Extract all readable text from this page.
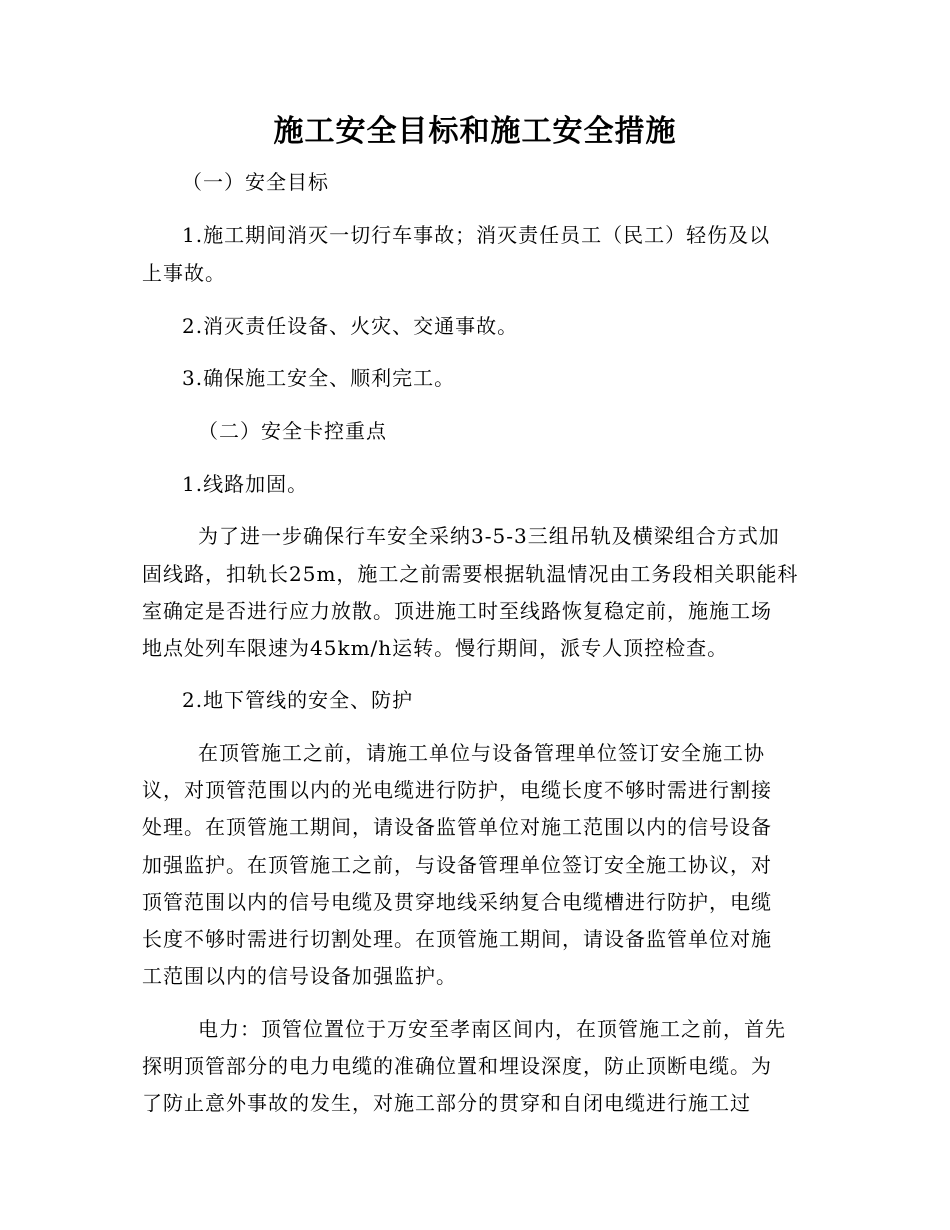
施工安全目标和施工安全措施
（一）安全目标
1.施工期间消灭一切行车事故；消灭责任员工（民工）轻伤及以
上事故。
2.消灭责任设备、火灾、交通事故。
3.确保施工安全、顺利完工。
（二）安全卡控重点
1.线路加固。
为了进一步确保行车安全采纳3-5-3三组吊轨及横梁组合方式加
固线路，扣轨长25m，施工之前需要根据轨温情况由工务段相关职能科
室确定是否进行应力放散。顶进施工时至线路恢复稳定前，施施工场
地点处列车限速为45km/h运转。慢行期间，派专人顶控检查。
2.地下管线的安全、防护
在顶管施工之前，请施工单位与设备管理单位签订安全施工协
议，对顶管范围以内的光电缆进行防护，电缆长度不够时需进行割接
处理。在顶管施工期间，请设备监管单位对施工范围以内的信号设备
加强监护。在顶管施工之前，与设备管理单位签订安全施工协议，对
顶管范围以内的信号电缆及贯穿地线采纳复合电缆槽进行防护，电缆
长度不够时需进行切割处理。在顶管施工期间，请设备监管单位对施
工范围以内的信号设备加强监护。
电力：顶管位置位于万安至孝南区间内，在顶管施工之前，首先
探明顶管部分的电力电缆的准确位置和埋设深度，防止顶断电缆。为
了防止意外事故的发生，对施工部分的贯穿和自闭电缆进行施工过
